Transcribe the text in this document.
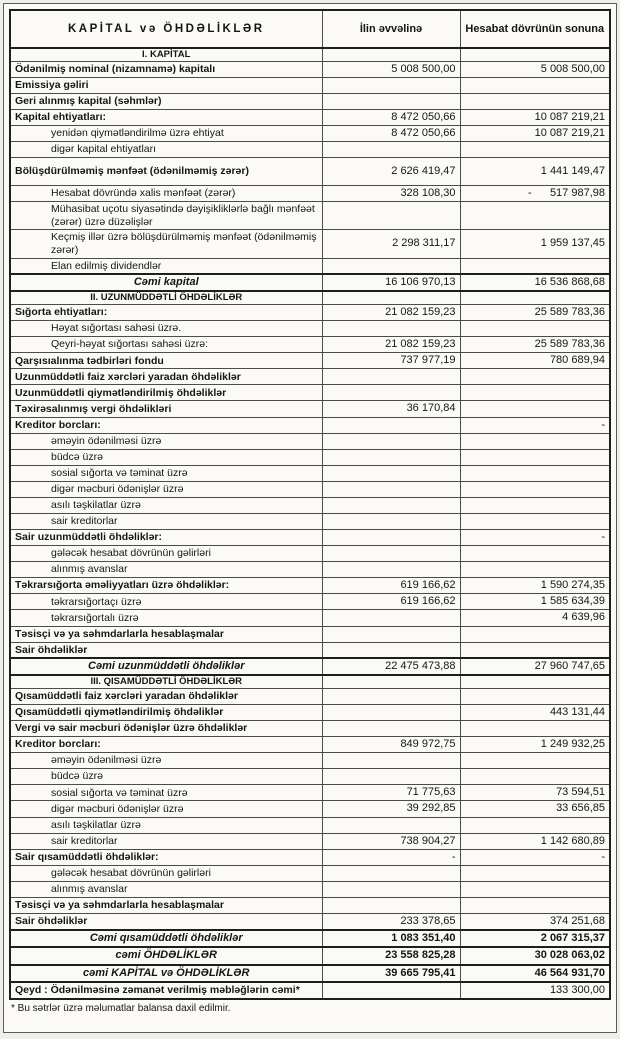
KAPİTAL və ÖHDƏLİKLƏR	İlin əvvəlinə	Hesabat dövrünün sonuna
I. KAPİTAL		
Ödənilmiş nominal (nizamnamə) kapitalı	5 008 500,00	5 008 500,00
Emissiya gəliri		
Geri alınmış kapital (səhmlər)		
Kapital ehtiyatları:	8 472 050,66	10 087 219,21
yenidən qiymətləndirilmə üzrə ehtiyat	8 472 050,66	10 087 219,21
digər kapital ehtiyatları		
Bölüşdürülməmiş mənfəət (ödənilməmiş zərər)	2 626 419,47	1 441 149,47
Hesabat dövründə xalis mənfəət (zərər)	328 108,30	-      517 987,98
Mühasibat uçotu siyasətində dəyişikliklərlə bağlı mənfəət (zərər) üzrə düzəlişlər		
Keçmiş illər üzrə bölüşdürülməmiş mənfəət (ödənilməmiş zərər)	2 298 311,17	1 959 137,45
Elan edilmiş dividendlər		
Cəmi kapital	16 106 970,13	16 536 868,68
II. UZUNMÜDDƏTLİ ÖHDƏLİKLƏR		
Sığorta ehtiyatları:	21 082 159,23	25 589 783,36
Həyat sığortası sahəsi üzrə.		
Qeyri-həyat sığortası sahəsi üzrə:	21 082 159,23	25 589 783,36
Qarşısıalınma tədbirləri fondu	737 977,19	780 689,94
Uzunmüddətli faiz xərcləri yaradan öhdəliklər		
Uzunmüddətli qiymətləndirilmiş öhdəliklər		
Təxirəsalınmış vergi öhdəlikləri	36 170,84	
Kreditor borcları:		-
əməyin ödənilməsi üzrə		
büdcə üzrə		
sosial sığorta və təminat üzrə		
digər məcburi ödənişlər üzrə		
asılı təşkilatlar üzrə		
sair kreditorlar		
Sair uzunmüddətli öhdəliklər:		-
gələcək hesabat dövrünün gəlirləri		
alınmış avanslar		
Təkrarsığorta əməliyyatları üzrə öhdəliklər:	619 166,62	1 590 274,35
təkrarsığortaçı üzrə	619 166,62	1 585 634,39
təkrarsığortalı üzrə		4 639,96
Təsisçi və ya səhmdarlarla hesablaşmalar		
Sair öhdəliklər		
Cəmi uzunmüddətli öhdəliklər	22 475 473,88	27 960 747,65
III. QISAMÜDDƏTLİ ÖHDƏLİKLƏR		
Qısamüddətli faiz xərcləri yaradan öhdəliklər		
Qısamüddətli qiymətləndirilmiş öhdəliklər		443 131,44
Vergi və sair məcburi ödənişlər üzrə öhdəliklər		
Kreditor borcları:	849 972,75	1 249 932,25
əməyin ödənilməsi üzrə		
büdcə üzrə		
sosial sığorta və təminat üzrə	71 775,63	73 594,51
digər məcburi ödənişlər üzrə	39 292,85	33 656,85
asılı təşkilatlar üzrə		
sair kreditorlar	738 904,27	1 142 680,89
Sair qısamüddətli öhdəliklər:	-	-
gələcək hesabat dövrünün gəlirləri		
alınmış avanslar		
Təsisçi və ya səhmdarlarla hesablaşmalar		
Sair öhdəliklər	233 378,65	374 251,68
Cəmi qısamüddətli öhdəliklər	1 083 351,40	2 067 315,37
cəmi ÖHDƏLİKLƏR	23 558 825,28	30 028 063,02
cəmi KAPİTAL və ÖHDƏLİKLƏR	39 665 795,41	46 564 931,70
Qeyd : Ödənilməsinə zəmanət verilmiş məbləğlərin cəmi*		133 300,00
* Bu sətrlər üzrə məlumatlar balansa daxil edilmir.
